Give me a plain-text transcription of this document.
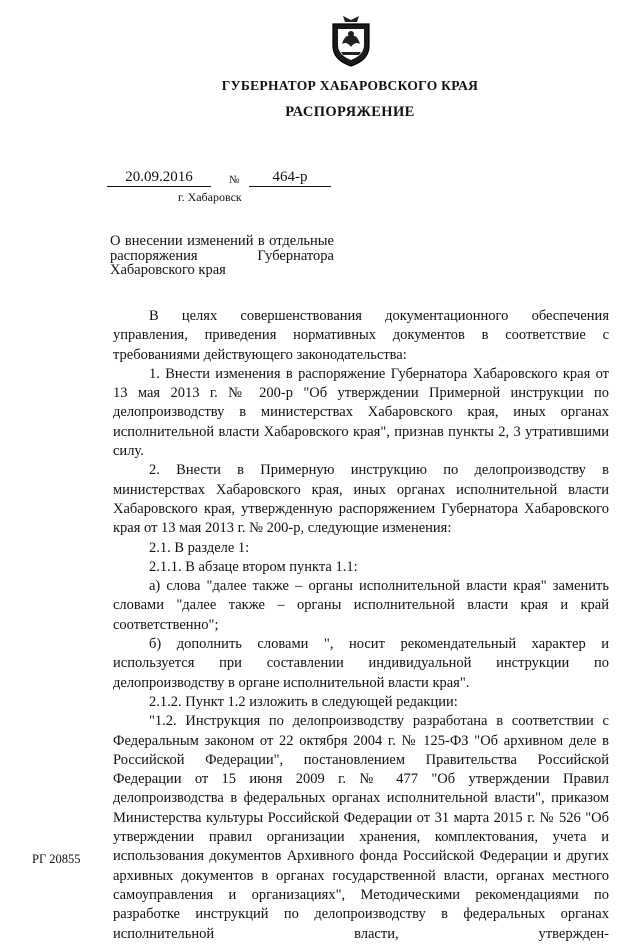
ГУБЕРНАТОР ХАБАРОВСКОГО КРАЯ
РАСПОРЯЖЕНИЕ
20.09.2016	№	464-р
г. Хабаровск
О внесении изменений в отдельные распоряжения Губернатора Хабаровского края

В целях совершенствования документационного обеспечения управления, приведения нормативных документов в соответствие с требованиями действующего законодательства:

1. Внести изменения в распоряжение Губернатора Хабаровского края от 13 мая 2013 г. № 200-р "Об утверждении Примерной инструкции по делопроизводству в министерствах Хабаровского края, иных органах исполнительной власти Хабаровского края", признав пункты 2, 3 утратившими силу.

2. Внести в Примерную инструкцию по делопроизводству в министерствах Хабаровского края, иных органах исполнительной власти Хабаровского края, утвержденную распоряжением Губернатора Хабаровского края от 13 мая 2013 г. № 200-р, следующие изменения:

2.1. В разделе 1:

2.1.1. В абзаце втором пункта 1.1:

а) слова "далее также – органы исполнительной власти края" заменить словами "далее также – органы исполнительной власти края и край соответственно";

б) дополнить словами ", носит рекомендательный характер и используется при составлении индивидуальной инструкции по делопроизводству в органе исполнительной власти края".

2.1.2. Пункт 1.2 изложить в следующей редакции:

"1.2. Инструкция по делопроизводству разработана в соответствии с Федеральным законом от 22 октября 2004 г. № 125-ФЗ "Об архивном деле в Российской Федерации", постановлением Правительства Российской Федерации от 15 июня 2009 г. № 477 "Об утверждении Правил делопроизводства в федеральных органах исполнительной власти", приказом Министерства культуры Российской Федерации от 31 марта 2015 г. № 526 "Об утверждении правил организации хранения, комплектования, учета и использования документов Архивного фонда Российской Федерации и других архивных документов в органах государственной власти, органах местного самоуправления и организациях", Методическими рекомендациями по разработке инструкций по делопроизводству в федеральных органах исполнительной власти, утвержден-

РГ 20855
